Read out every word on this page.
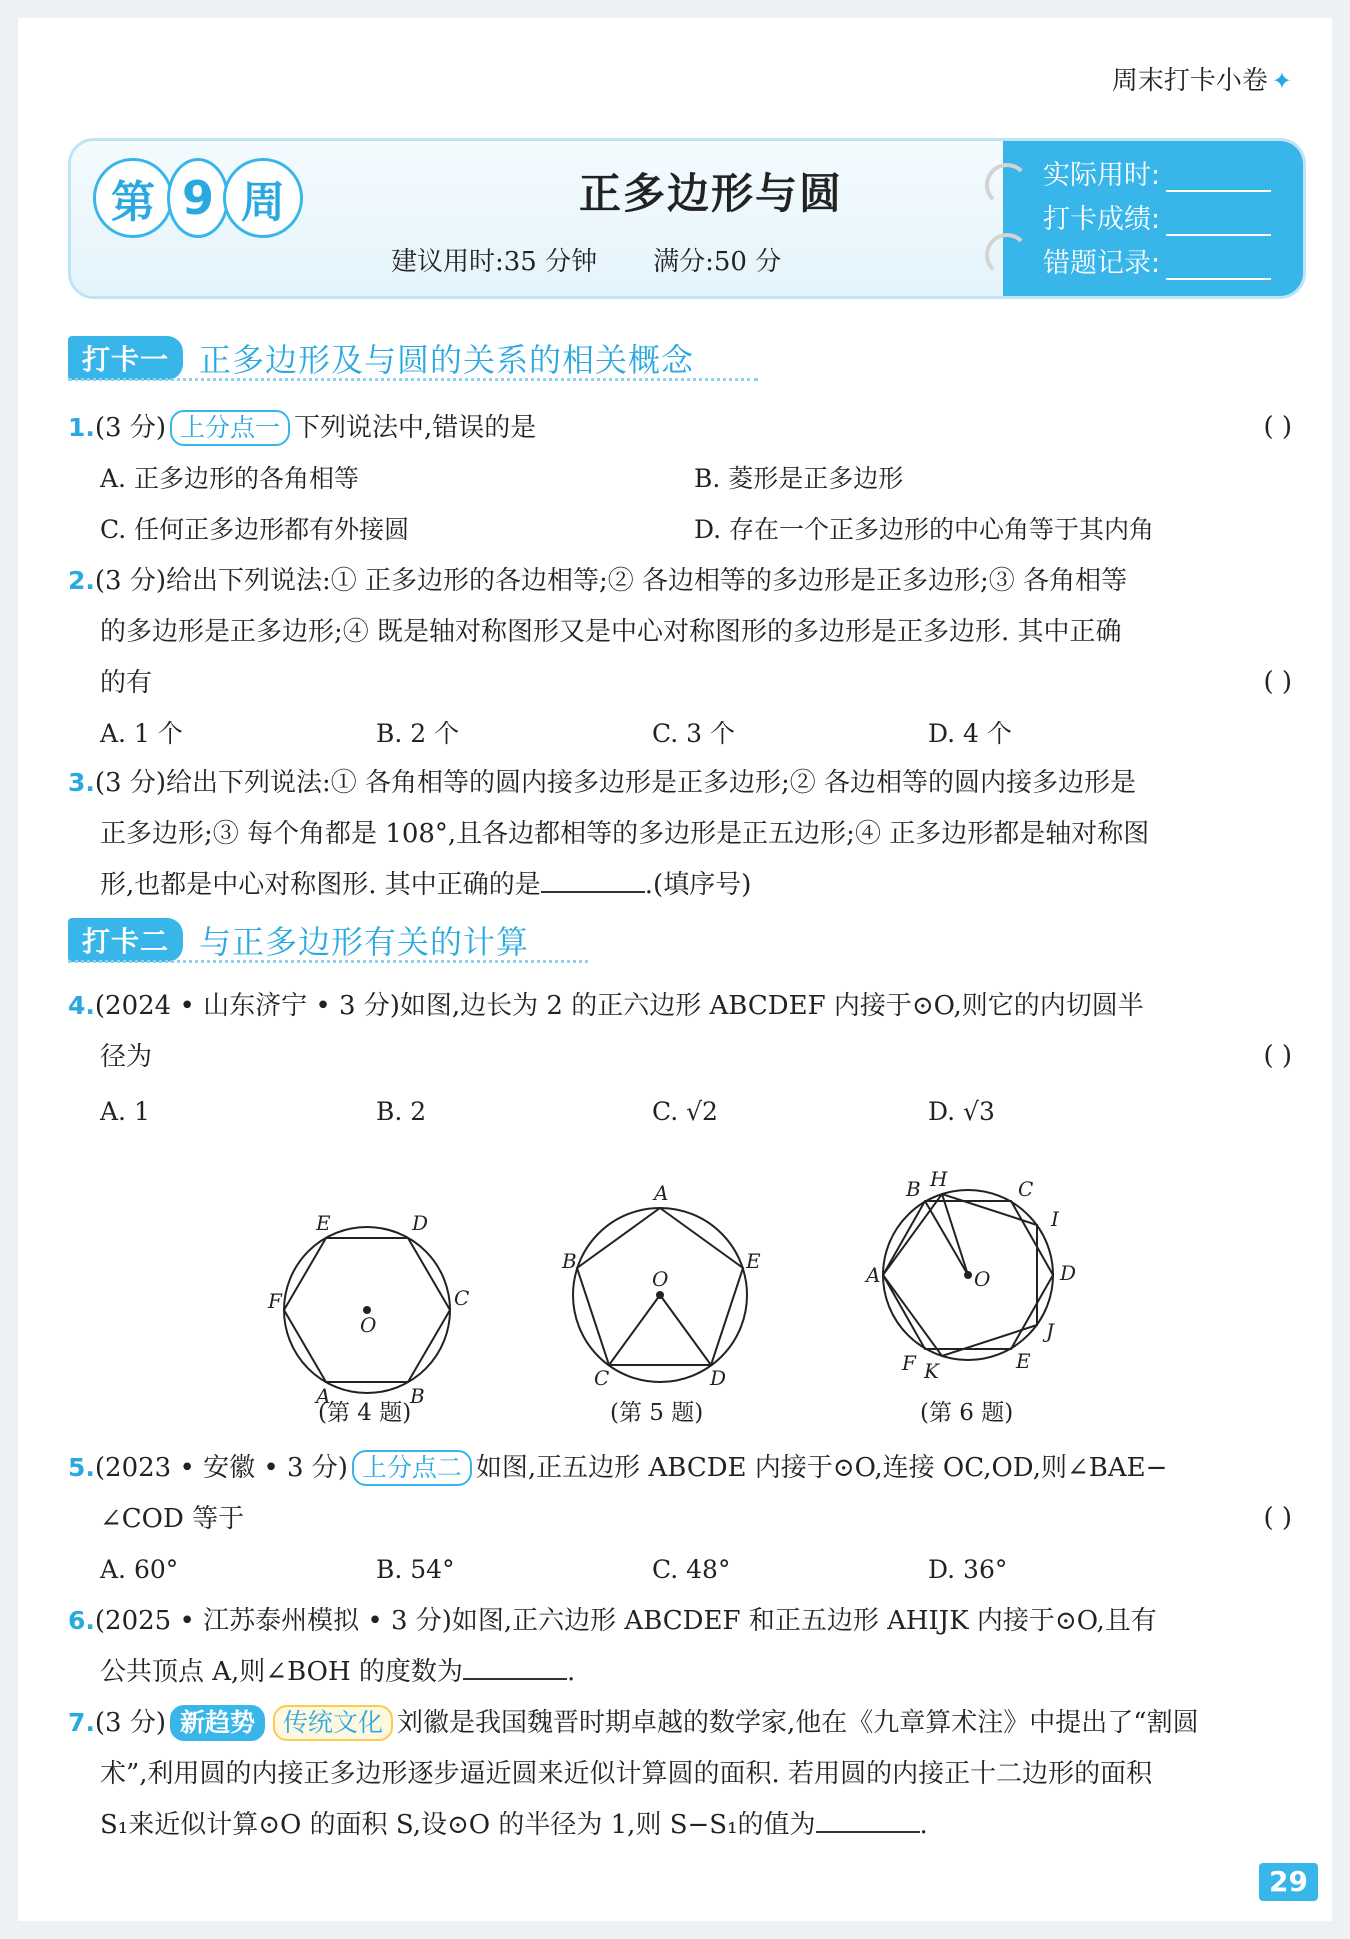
周末打卡小卷 ✦
第 9 周	正多边形与圆
建议用时:35 分钟 满分:50 分
实际用时:
打卡成绩:
错题记录:
打卡一 正多边形及与圆的关系的相关概念
1.(3 分) 上分点一 下列说法中,错误的是	( )
A. 正多边形的各角相等	B. 菱形是正多边形
C. 任何正多边形都有外接圆	D. 存在一个正多边形的中心角等于其内角
2.(3 分)给出下列说法:① 正多边形的各边相等;② 各边相等的多边形是正多边形;③ 各角相等
的多边形是正多边形;④ 既是轴对称图形又是中心对称图形的多边形是正多边形. 其中正确
的有	( )
A. 1 个	B. 2 个	C. 3 个	D. 4 个
3.(3 分)给出下列说法:① 各角相等的圆内接多边形是正多边形;② 各边相等的圆内接多边形是
正多边形;③ 每个角都是 108°,且各边都相等的多边形是正五边形;④ 正多边形都是轴对称图
形,也都是中心对称图形. 其中正确的是	.(填序号)
打卡二 与正多边形有关的计算
4.(2024 • 山东济宁 • 3 分)如图,边长为 2 的正六边形 ABCDEF 内接于⊙O,则它的内切圆半
径为	( )
A. 1	B. 2	C. √2	D. √3
E	D
F	C
A	B
O
A
B	E
O
C	D
B H	C
I
A	O	D
J
F K	E
(第 4 题)	(第 5 题)	(第 6 题)
5.(2023 • 安徽 • 3 分) 上分点二 如图,正五边形 ABCDE 内接于⊙O,连接 OC,OD,则∠BAE−
∠COD 等于	( )
A. 60°	B. 54°	C. 48°	D. 36°
6.(2025 • 江苏泰州模拟 • 3 分)如图,正六边形 ABCDEF 和正五边形 AHIJK 内接于⊙O,且有
公共顶点 A,则∠BOH 的度数为	.
7.(3 分) 新趋势 传统文化 刘徽是我国魏晋时期卓越的数学家,他在《九章算术注》中提出了“割圆
术”,利用圆的内接正多边形逐步逼近圆来近似计算圆的面积. 若用圆的内接正十二边形的面积
S₁来近似计算⊙O 的面积 S,设⊙O 的半径为 1,则 S−S₁的值为	.
29
